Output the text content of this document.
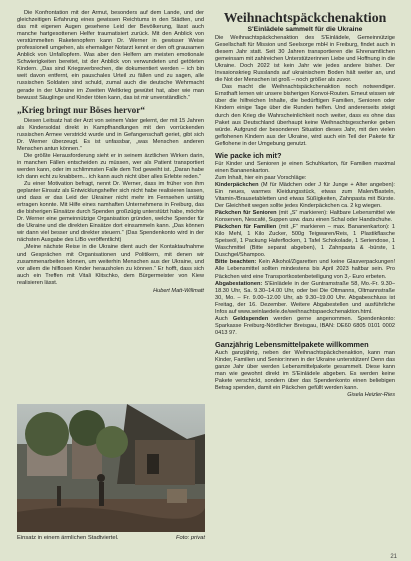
Die Konfrontation mit der Armut, besonders auf dem Lande, und der gleichzeitigen Erfahrung eines gewissen Reichtums in den Städten, und das mit eigenen Augen gesehene Leid der Bevölkerung, lässt auch manche hartgesottenen Helfer traumatisiert zurück. Mit den Anblick von verstümmelten Raketenopfern kann Dr. Werner in gewisser Weise professionell umgehen, als ehemaliger Notarzt kennt er den oft grausamen Anblick von Unfallopfern. Was aber den Helfern am meisten emotionale Schwierigkeiten bereitet, ist der Anblick von verwundeten und getöteten Kindern. „Das sind Kriegsverbrechen, die dokumentiert werden – ich bin weit davon entfernt, ein pauschales Urteil zu fällen und zu sagen, alle russischen Soldaten sind schuld, zumal auch die deutsche Wehrmacht gerade in der Ukraine im Zweiten Weltkrieg gewütet hat, aber wie man bewusst Säuglinge und Kinder töten kann, das ist mir unverständlich.“

„Krieg bringt nur Böses hervor“

Diesen Leitsatz hat der Arzt von seinem Vater gelernt, der mit 15 Jahren als Kindersoldat direkt in Kampfhandlungen mit den vorrückenden russischen Armee verstrickt wurde und in Gefangenschaft geriet, gibt sich Dr. Werner überzeugt. Es ist unfassbar, „was Menschen anderen Menschen antun können.“

Die größte Herausforderung sieht er in seinem ärztlichen Wirken darin, in manchen Fällen entscheiden zu müssen, wer als Patient transportiert werden kann, oder im schlimmsten Falle dem Tod geweiht ist. „Daran habe ich dann echt zu knabbern... ich kann auch nicht über alles Erlebte reden.“

Zu einer Motivation befragt, nennt Dr. Werner, dass im früher von ihm geplanter Einsatz als Entwicklungshelfer sich nicht habe realisieren lassen, und dass er das Leid der Ukrainer nicht mehr im Fernsehen untätig ertragen konnte. Mit Hilfe eines namhaften Unternehmens in Freiburg, das die bisherigen Einsätze durch Spenden großzügig unterstützt habe, möchte Dr. Werner eine gemeinnützige Organisation gründen, welche Spender für die Ukraine und die direkten Einsätze dort einsammeln kann. „Das können wir dann viel besser und direkter steuern.“ (Das Spendenkonto wird in der nächsten Ausgabe des LiBo veröffentlicht)

„Meine nächste Reise in die Ukraine dient auch der Kontaktaufnahme und Gesprächen mit Organisationen und Politikern, mit denen wir zusammenarbeiten können, um weiterhin Menschen aus der Ukraine, und vor allem die hilflosen Kinder herausholen zu können.“ Er hofft, dass sich auch ein Treffen mit Vitali Klitschko, dem Bürgermeister von Kiew realisieren lässt.

Hubert Matt-Willmatt
Einsatz in einem ärmlichen Stadtviertel.	Foto: privat
Weihnachtspäckchenaktion
S'Einlädele sammelt für die Ukraine

Die Weihnachtspäckchenaktion des S'Einlädele, Gemeinnützige Gesellschaft für Mission und Seelsorge mbH in Freiburg, findet auch in diesem Jahr statt. Seit 30 Jahren transportieren die Ehrenamtlichen gemeinsam mit zahlreichen Unterstützerinnen Liebe und Hoffnung in die Ukraine. Doch 2022 ist kein Jahr wie jedes andere bisher. Der Invasionskrieg Russlands auf ukrainischem Boden hält weiter an, und die Not der Menschen ist groß – noch größer als zuvor.

Das macht die Weihnachtspäckchenaktion noch notwendiger. Ernsthaft lernen wir unsere bisherigen Konvoi-Routen. Erneut wissen wir über die hilfreichen Inhalte, die bedürftigen Familien, Senioren oder Kindern einige Tage über die Runden helfen. Und andererseits steigt durch den Krieg die Wahrscheinlichkeit noch weiter, dass es ohne das Paket aus Deutschland überhaupt keine Weihnachtsgeschenke geben würde. Aufgrund der besonderen Situation dieses Jahr, mit den vielen geflohenen Kindern aus der Ukraine, wird auch ein Teil der Pakete für Geflohene in der Umgebung genutzt.

Wie packe ich mit?

Für Kinder und Senioren je einen Schuhkarton, für Familien maximal einen Bananenkarton.

Zum Inhalt, hier ein paar Vorschläge:

Kinderpäckchen (M für Mädchen oder J für Junge + Alter angeben): Ein neues, warmes Kleidungsstück, etwas zum Malen/Basteln, Vitamin-/Brausetabletten und etwas Süßigkeiten, Zahnpasta mit Bürste. Der Gleichheit wegen sollte jedes Kinderpäckchen ca. 2 kg wiegen.

Päckchen für Senioren (mit „S“ markieren): Haltbare Lebensmittel wie Konserven, Nescafé, Suppen usw. dazu einen Schal oder Handschuhe.

Päckchen für Familien (mit „F“ markieren – max. Bananenkarton): 1 Kilo Mehl, 1 Kilo Zucker, 500g Teigwaren/Reis, 1 Plastikflasche Speiseöl, 1 Packung Haferflocken, 1 Tafel Schokolade, 1 Seriendose, 1 Waschmittel (Bitte separat abgeben), 1 Zahnpasta & -bürste, 1 Duschgel/Shampoo.

Bitte beachten: Kein Alkohol/Zigaretten und keine Glasverpackungen! Alle Lebensmittel sollten mindestens bis April 2023 haltbar sein. Pro Päckchen wird eine Transportkostenbeteiligung von 3,- Euro erbeten.

Abgabestationen: S'Einlädele in der Guntramstraße 58, Mo.-Fr. 9.30–18.30 Uhr, Sa. 9.30–14.00 Uhr, oder bei Die Oltmanns, Oltmannstraße 30, Mo. – Fr. 9.00–12.00 Uhr, ab 9.30–19.00 Uhr. Abgabeschluss ist Freitag, der 16. Dezember. Weitere Abgabestellen und ausführliche Infos auf www.seinlaedele.de/weihnachtspaeckchenaktion.html.

Auch Geldspenden werden gerne angenommen. Spendenkonto: Sparkasse Freiburg-Nördlicher Breisgau, IBAN: DE60 6805 0101 0002 0413 97.

Ganzjährig Lebensmittelpakete willkommen

Auch ganzjährig, neben der Weihnachtspäckchenaktion, kann man Kinder, Familien und Senior:innen in der Ukraine unterstützen! Denn das ganze Jahr über werden Lebensmittelpakete gesammelt. Diese kann man wie gewohnt direkt im S'Einlädele abgeben. Es werden keine Pakete verschickt, sondern über das Spendenkonto einen beliebigen Betrag spenden, damit ein Päckchen gefüllt werden kann.

Gisela Heizler-Ries
21
